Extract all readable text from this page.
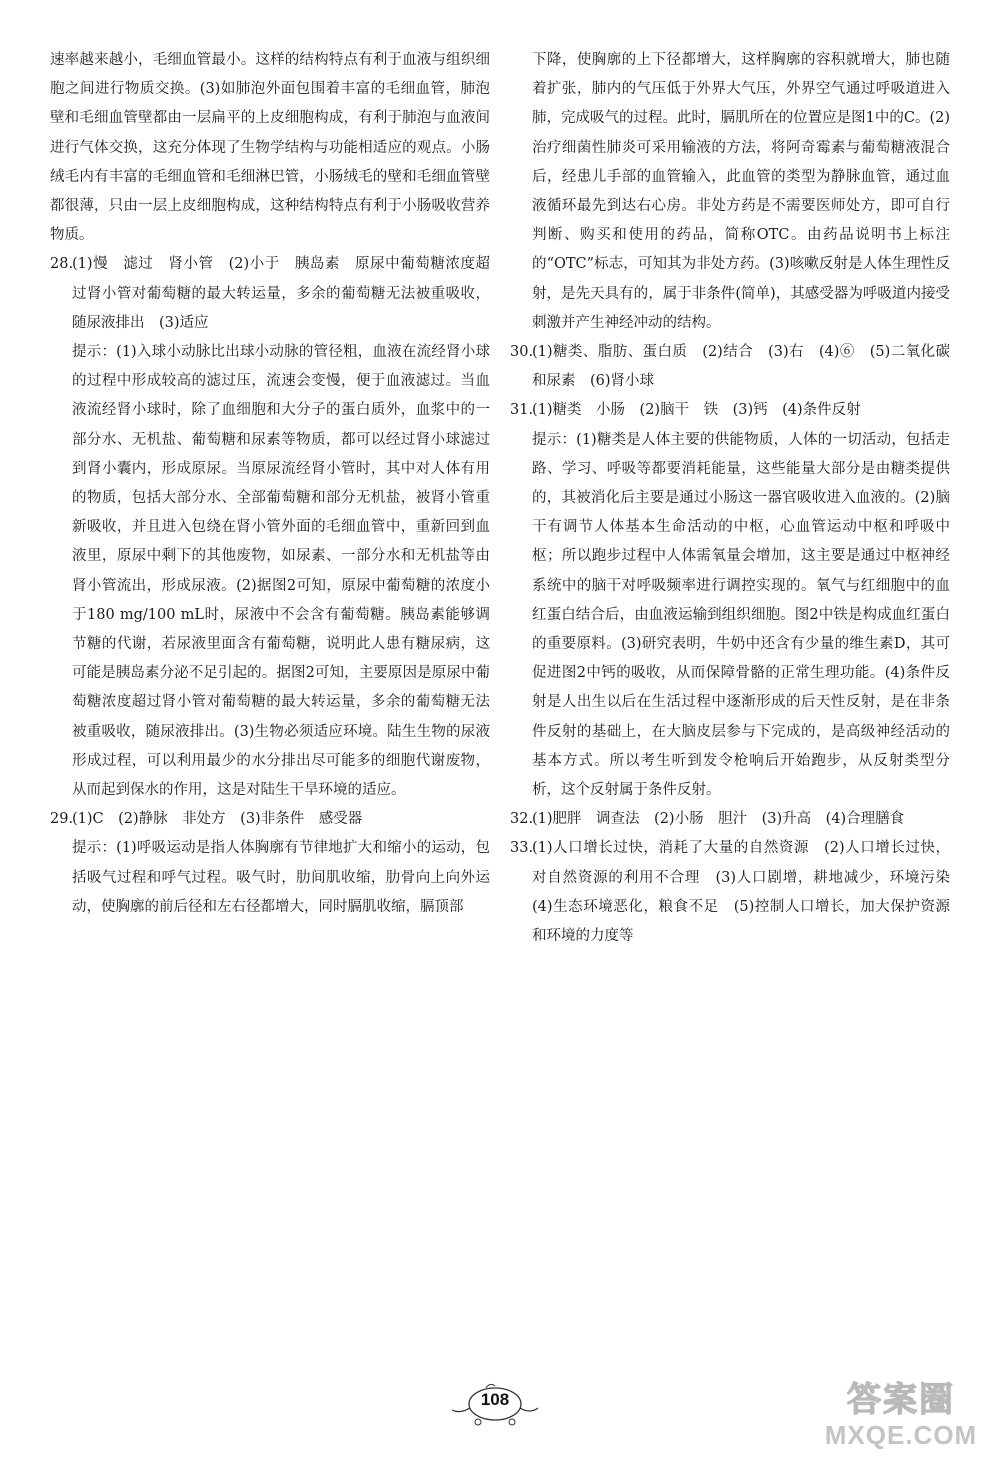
速率越来越小，毛细血管最小。这样的结构特点有利于血液与组织细胞之间进行物质交换。(3)如肺泡外面包围着丰富的毛细血管，肺泡壁和毛细血管壁都由一层扁平的上皮细胞构成，有利于肺泡与血液间进行气体交换，这充分体现了生物学结构与功能相适应的观点。小肠绒毛内有丰富的毛细血管和毛细淋巴管，小肠绒毛的壁和毛细血管壁都很薄，只由一层上皮细胞构成，这种结构特点有利于小肠吸收营养物质。

28.
(1)慢　滤过　肾小管　(2)小于　胰岛素　原尿中葡萄糖浓度超过肾小管对葡萄糖的最大转运量，多余的葡萄糖无法被重吸收，随尿液排出　(3)适应

提示：(1)入球小动脉比出球小动脉的管径粗，血液在流经肾小球的过程中形成较高的滤过压，流速会变慢，便于血液滤过。当血液流经肾小球时，除了血细胞和大分子的蛋白质外，血浆中的一部分水、无机盐、葡萄糖和尿素等物质，都可以经过肾小球滤过到肾小囊内，形成原尿。当原尿流经肾小管时，其中对人体有用的物质，包括大部分水、全部葡萄糖和部分无机盐，被肾小管重新吸收，并且进入包绕在肾小管外面的毛细血管中，重新回到血液里，原尿中剩下的其他废物，如尿素、一部分水和无机盐等由肾小管流出，形成尿液。(2)据图2可知，原尿中葡萄糖的浓度小于180 mg/100 mL时，尿液中不会含有葡萄糖。胰岛素能够调节糖的代谢，若尿液里面含有葡萄糖，说明此人患有糖尿病，这可能是胰岛素分泌不足引起的。据图2可知，主要原因是原尿中葡萄糖浓度超过肾小管对葡萄糖的最大转运量，多余的葡萄糖无法被重吸收，随尿液排出。(3)生物必须适应环境。陆生生物的尿液形成过程，可以利用最少的水分排出尽可能多的细胞代谢废物，从而起到保水的作用，这是对陆生干旱环境的适应。

29.
(1)C　(2)静脉　非处方　(3)非条件　感受器

提示：(1)呼吸运动是指人体胸廓有节律地扩大和缩小的运动，包括吸气过程和呼气过程。吸气时，肋间肌收缩，肋骨向上向外运动，使胸廓的前后径和左右径都增大，同时膈肌收缩，膈顶部

下降，使胸廓的上下径都增大，这样胸廓的容积就增大，肺也随着扩张，肺内的气压低于外界大气压，外界空气通过呼吸道进入肺，完成吸气的过程。此时，膈肌所在的位置应是图1中的C。(2)治疗细菌性肺炎可采用输液的方法，将阿奇霉素与葡萄糖液混合后，经患儿手部的血管输入，此血管的类型为静脉血管，通过血液循环最先到达右心房。非处方药是不需要医师处方，即可自行判断、购买和使用的药品，简称OTC。由药品说明书上标注的“OTC”标志，可知其为非处方药。(3)咳嗽反射是人体生理性反射，是先天具有的，属于非条件(简单)，其感受器为呼吸道内接受刺激并产生神经冲动的结构。

30.
(1)糖类、脂肪、蛋白质　(2)结合　(3)右　(4)⑥　(5)二氧化碳和尿素　(6)肾小球
31.
(1)糖类　小肠　(2)脑干　铁　(3)钙　(4)条件反射

提示：(1)糖类是人体主要的供能物质，人体的一切活动，包括走路、学习、呼吸等都要消耗能量，这些能量大部分是由糖类提供的，其被消化后主要是通过小肠这一器官吸收进入血液的。(2)脑干有调节人体基本生命活动的中枢，心血管运动中枢和呼吸中枢；所以跑步过程中人体需氧量会增加，这主要是通过中枢神经系统中的脑干对呼吸频率进行调控实现的。氧气与红细胞中的血红蛋白结合后，由血液运输到组织细胞。图2中铁是构成血红蛋白的重要原料。(3)研究表明，牛奶中还含有少量的维生素D，其可促进图2中钙的吸收，从而保障骨骼的正常生理功能。(4)条件反射是人出生以后在生活过程中逐渐形成的后天性反射，是在非条件反射的基础上，在大脑皮层参与下完成的，是高级神经活动的基本方式。所以考生听到发令枪响后开始跑步，从反射类型分析，这个反射属于条件反射。

32.
(1)肥胖　调查法　(2)小肠　胆汁　(3)升高　(4)合理膳食
33.
(1)人口增长过快，消耗了大量的自然资源　(2)人口增长过快，对自然资源的利用不合理　(3)人口剧增，耕地减少，环境污染　(4)生态环境恶化，粮食不足　(5)控制人口增长，加大保护资源和环境的力度等
108	答案圈
MXQE.COM
